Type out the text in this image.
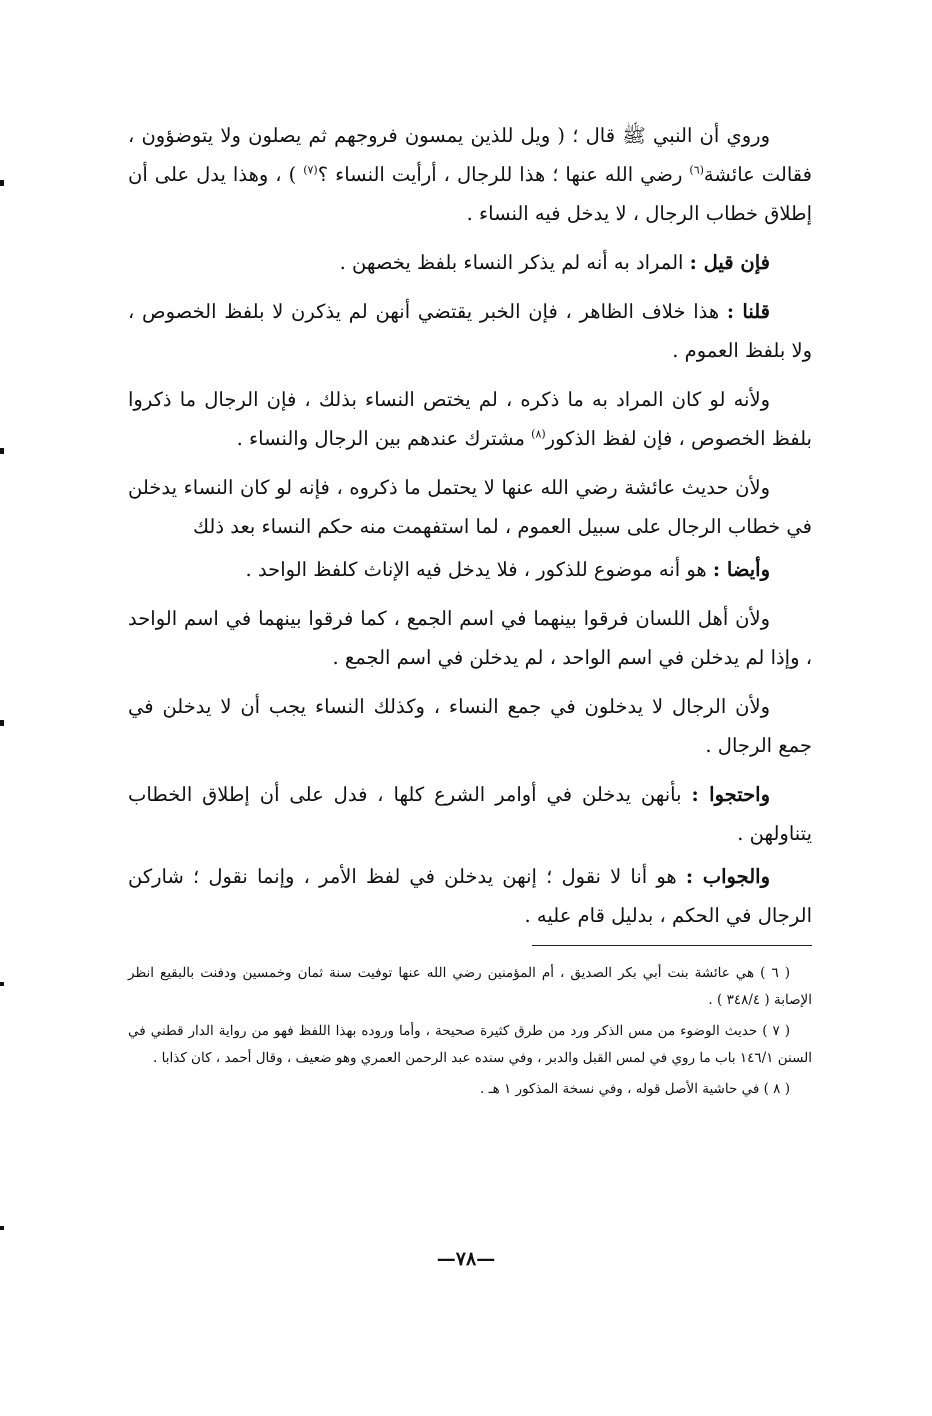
وروي أن النبي ﷺ قال ؛ ( ويل للذين يمسون فروجهم ثم يصلون ولا يتوضؤون ، فقالت عائشة$^{(٦)}$ رضي الله عنها ؛ هذا للرجال ، أرأيت النساء ؟$^{(٧)}$ ) ، وهذا يدل على أن إطلاق خطاب الرجال ، لا يدخل فيه النساء .

فإن قيل : المراد به أنه لم يذكر النساء بلفظ يخصهن .

قلنا : هذا خلاف الظاهر ، فإن الخبر يقتضي أنهن لم يذكرن لا بلفظ الخصوص ، ولا بلفظ العموم .

ولأنه لو كان المراد به ما ذكره ، لم يختص النساء بذلك ، فإن الرجال ما ذكروا بلفظ الخصوص ، فإن لفظ الذكور$^{(٨)}$ مشترك عندهم بين الرجال والنساء .

ولأن حديث عائشة رضي الله عنها لا يحتمل ما ذكروه ، فإنه لو كان النساء يدخلن في خطاب الرجال على سبيل العموم ، لما استفهمت منه حكم النساء بعد ذلك

وأيضا : هو أنه موضوع للذكور ، فلا يدخل فيه الإناث كلفظ الواحد .

ولأن أهل اللسان فرقوا بينهما في اسم الجمع ، كما فرقوا بينهما في اسم الواحد ، وإذا لم يدخلن في اسم الواحد ، لم يدخلن في اسم الجمع .

ولأن الرجال لا يدخلون في جمع النساء ، وكذلك النساء يجب أن لا يدخلن في جمع الرجال .

واحتجوا : بأنهن يدخلن في أوامر الشرع كلها ، فدل على أن إطلاق الخطاب يتناولهن .

والجواب : هو أنا لا نقول ؛ إنهن يدخلن في لفظ الأمر ، وإنما نقول ؛ شاركن الرجال في الحكم ، بدليل قام عليه .

( ٦ ) هي عائشة بنت أبي بكر الصديق ، أم المؤمنين رضي الله عنها توفيت سنة ثمان وخمسين ودفنت بالبقيع انظر الإصابة ( ٣٤٨/٤ ) .

( ٧ ) حديث الوضوء من مس الذكر ورد من طرق كثيرة صحيحة ، وأما وروده بهذا اللفظ فهو من رواية الدار قطني في السنن ١٤٦/١ باب ما روي في لمس القبل والدبر ، وفي سنده عبد الرحمن العمري وهو ضعيف ، وقال أحمد ، كان كذابا .

( ٨ ) في حاشية الأصل قوله ، وفي نسخة المذكور ١ هـ .

—٧٨—
